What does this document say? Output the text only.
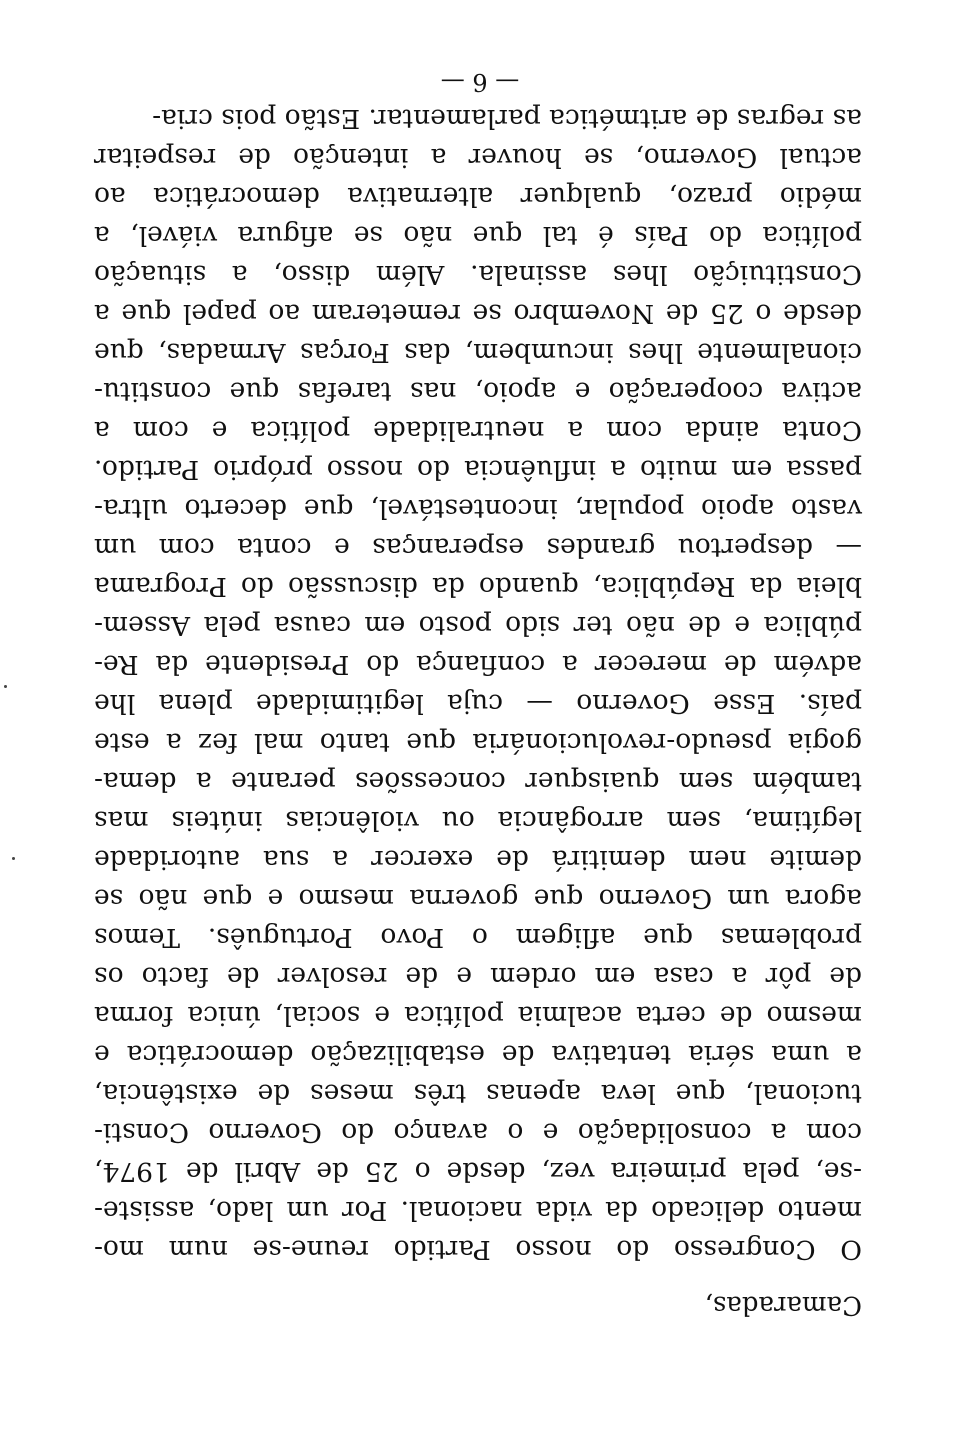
Camaradas,
O Congresso do nosso Partido reune-se num mo-
mento delicado da vida nacional. Por um lado, assiste-
-se, pela primeira vez, desde o 25 de Abril de 1974,
com a consolidação e o avanço do Governo Consti-
tucional, que leva apenas três meses de existência,
a uma séria tentativa de estabilização democrática e
mesmo de certa acalmia política e social, única forma
de pôr a casa em ordem e de resolver de facto os
problemas que afligem o Povo Português. Temos
agora um Governo que governa mesmo e que não se
demite nem demitirá de exercer a sua autoridade
legítima, sem arrogância ou violências inúteis mas
também sem quaisquer concessões perante a dema-
gogia pseudo-revolucionária que tanto mal fez a este
país. Esse Governo — cuja legitimidade plena lhe
advém de merecer a confiança do Presidente da Re-
pública e de não ter sido posto em causa pela Assem-
bleia da República, quando da discussão do Programa
— despertou grandes esperanças e conta com um
vasto apoio popular, incontestável, que decerto ultra-
passa em muito a influência do nosso próprio Partido.
Conta ainda com a neutralidade política e com a
activa cooperação e apoio, nas tarefas que constitu-
cionalmente lhes incumbem, das Forças Armadas, que
desde o 25 de Novembro se remeteram ao papel que a
Constituição lhes assinala. Além disso, a situação
política do País é tal que não se afigura viável, a
médio prazo, qualquer alternativa democrática ao
actual Governo, se houver a intenção de respeitar
as regras de aritmética parlamentar. Estão pois cria-
— 6 —
